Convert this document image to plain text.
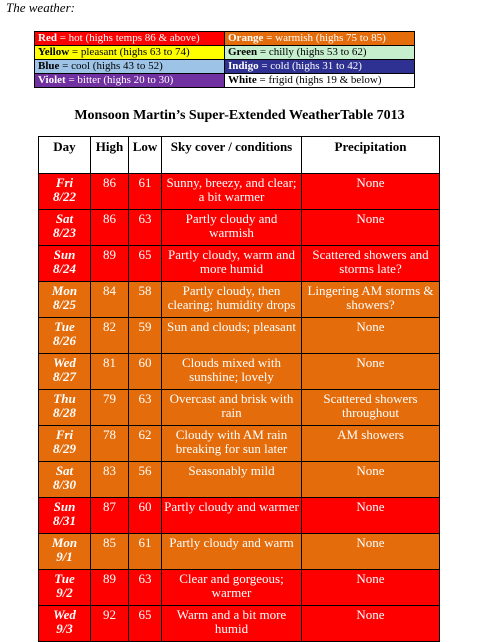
The weather:
Red = hot (highs temps 86 & above)	Orange = warmish (highs 75 to 85)
Yellow = pleasant (highs 63 to 74)	Green = chilly (highs 53 to 62)
Blue = cool (highs 43 to 52)	Indigo = cold (highs 31 to 42)
Violet = bitter (highs 20 to 30)	White = frigid (highs 19 & below)
Monsoon Martin’s Super-Extended WeatherTable 7013
Day	High	Low	Sky cover / conditions	Precipitation

Fri
8/22	86	61	Sunny, breezy, and clear; a bit warmer	None

Sat
8/23	86	63	Partly cloudy and warmish	None

Sun
8/24	89	65	Partly cloudy, warm and more humid	Scattered showers and storms late?

Mon
8/25	84	58	Partly cloudy, then clearing; humidity drops	Lingering AM storms & showers?

Tue
8/26	82	59	Sun and clouds; pleasant	None

Wed
8/27	81	60	Clouds mixed with sunshine; lovely	None

Thu
8/28	79	63	Overcast and brisk with rain	Scattered showers throughout

Fri
8/29	78	62	Cloudy with AM rain breaking for sun later	AM showers

Sat
8/30	83	56	Seasonably mild	None

Sun
8/31	87	60	Partly cloudy and warmer	None

Mon
9/1	85	61	Partly cloudy and warm	None

Tue
9/2	89	63	Clear and gorgeous; warmer	None

Wed
9/3	92	65	Warm and a bit more humid	None
